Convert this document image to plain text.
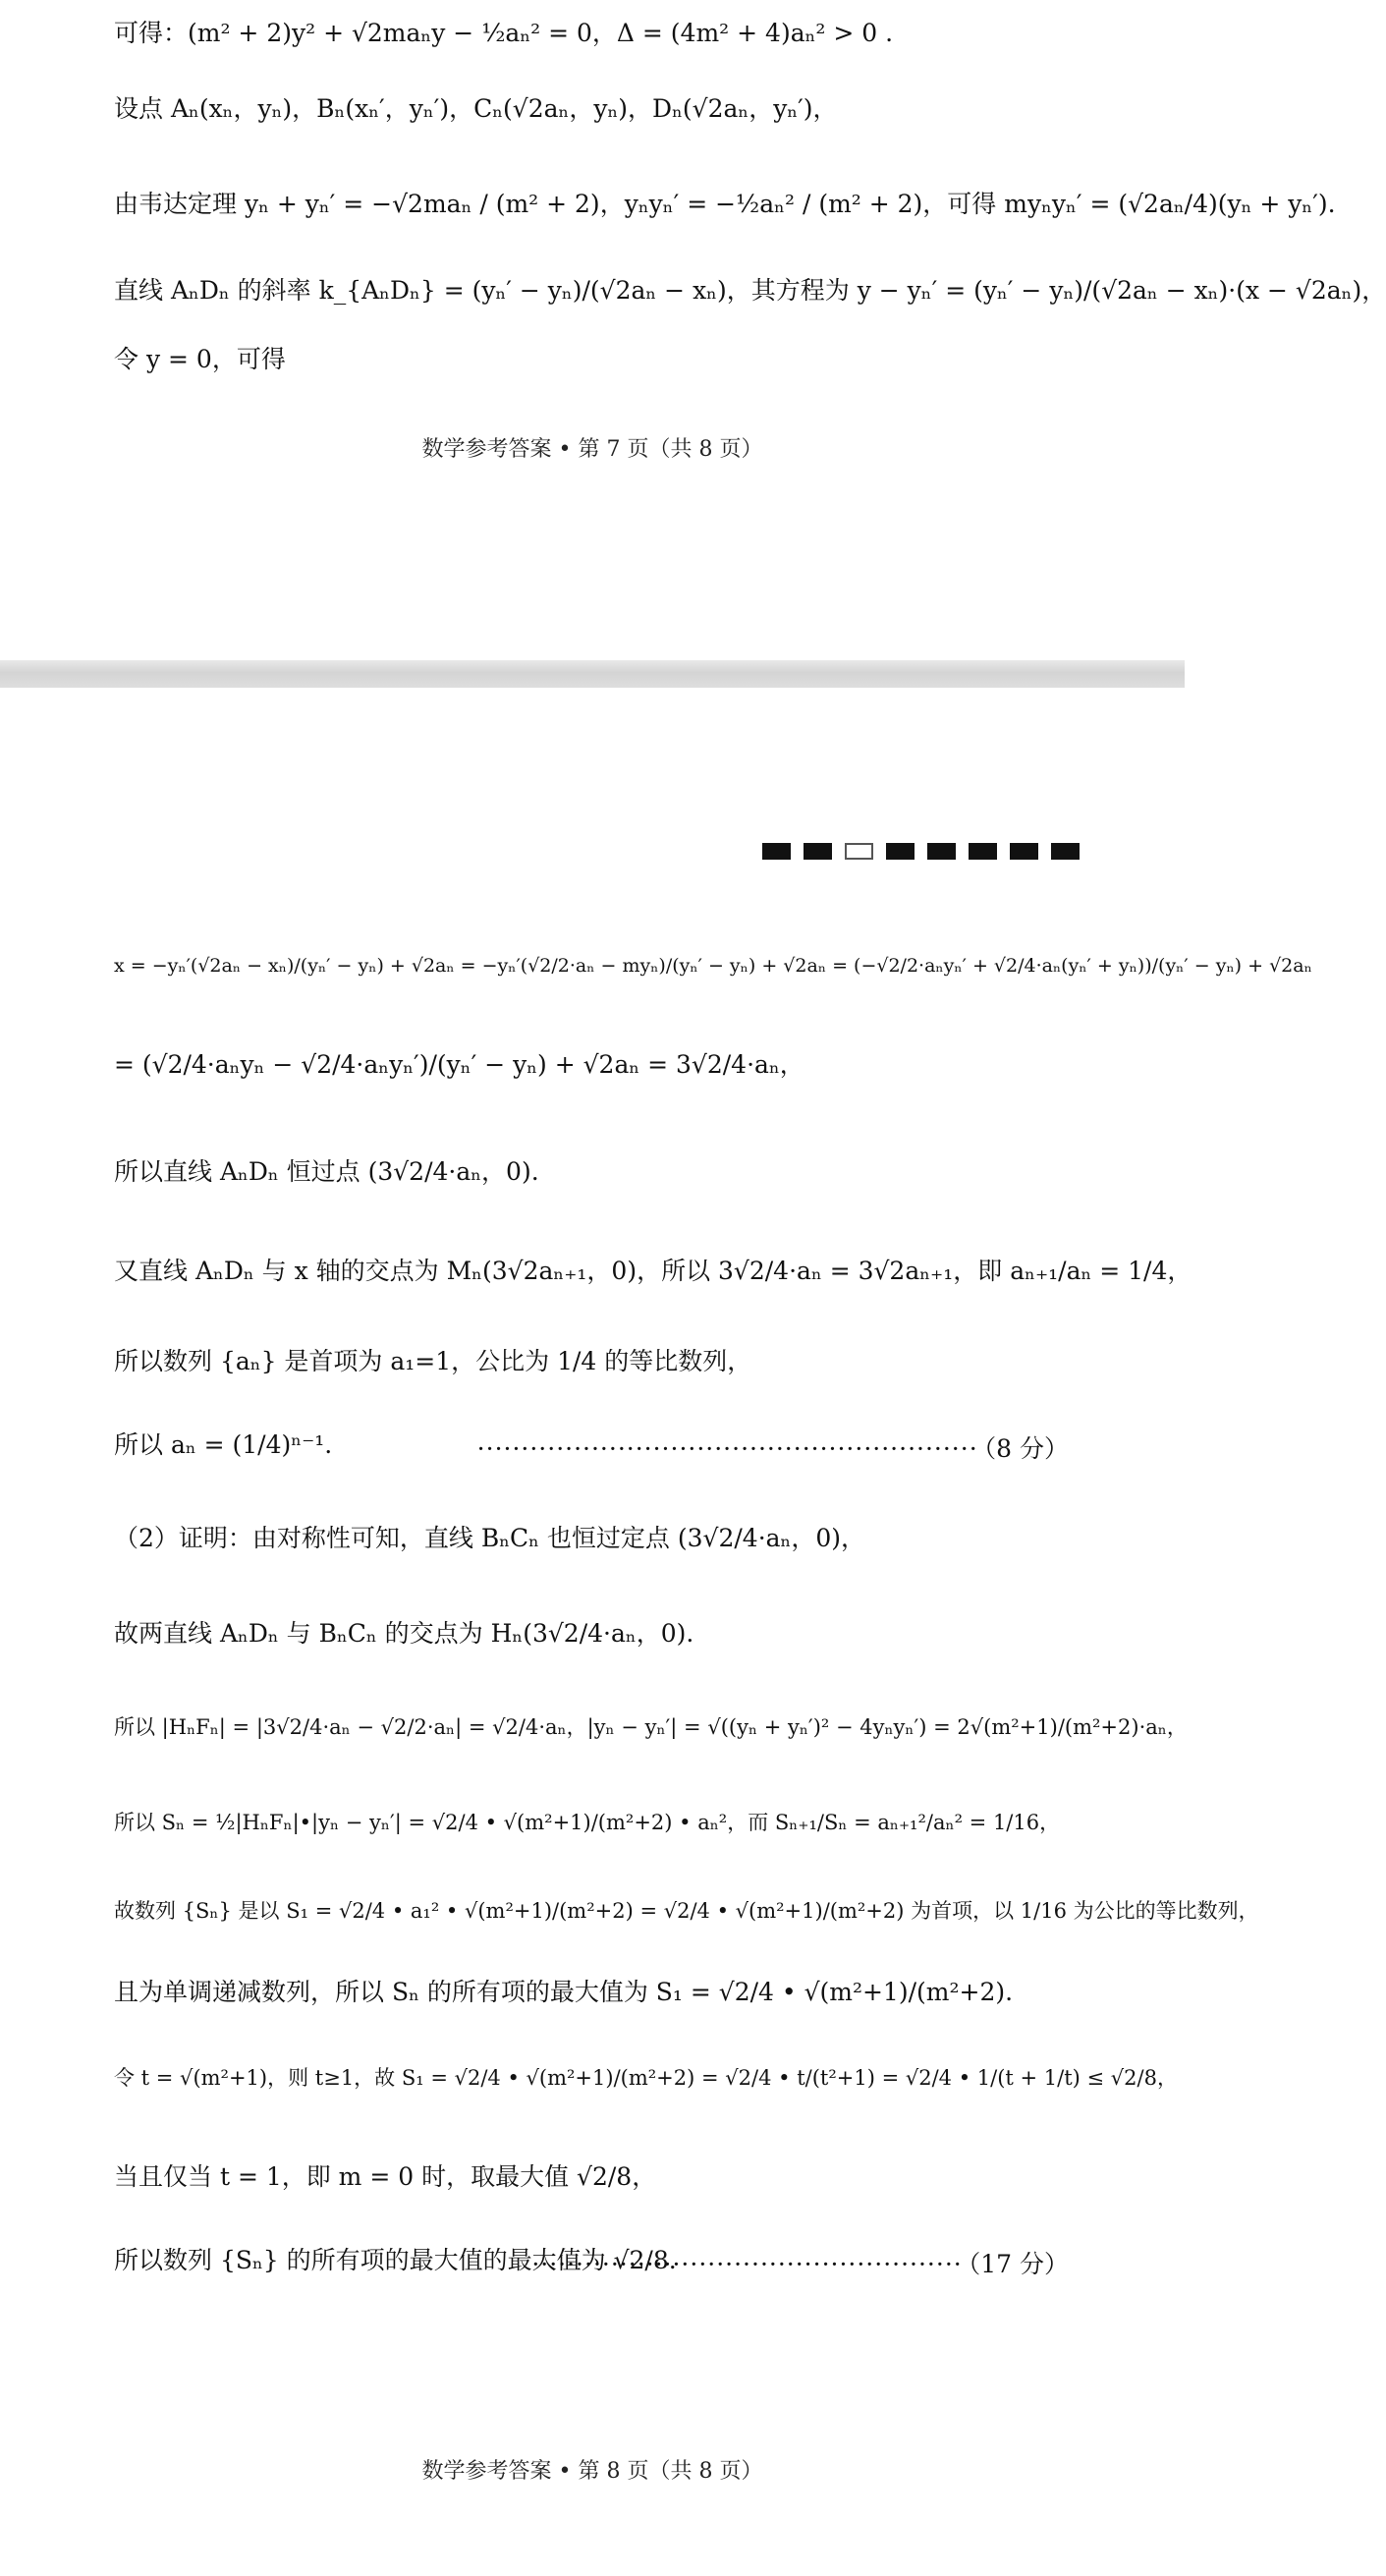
可得：(m² + 2)y² + √2maₙy − ½aₙ² = 0，Δ = (4m² + 4)aₙ² > 0 .
设点 Aₙ(xₙ，yₙ)，Bₙ(xₙ′，yₙ′)，Cₙ(√2aₙ，yₙ)，Dₙ(√2aₙ，yₙ′)，
由韦达定理 yₙ + yₙ′ = −√2maₙ / (m² + 2)，yₙyₙ′ = −½aₙ² / (m² + 2)，可得 myₙyₙ′ = (√2aₙ/4)(yₙ + yₙ′).
直线 AₙDₙ 的斜率 k_{AₙDₙ} = (yₙ′ − yₙ)/(√2aₙ − xₙ)，其方程为 y − yₙ′ = (yₙ′ − yₙ)/(√2aₙ − xₙ)·(x − √2aₙ)，
令 y = 0，可得
数学参考答案 • 第 7 页（共 8 页）
x = −yₙ′(√2aₙ − xₙ)/(yₙ′ − yₙ) + √2aₙ = −yₙ′(√2/2·aₙ − myₙ)/(yₙ′ − yₙ) + √2aₙ = (−√2/2·aₙyₙ′ + √2/4·aₙ(yₙ′ + yₙ))/(yₙ′ − yₙ) + √2aₙ
= (√2/4·aₙyₙ − √2/4·aₙyₙ′)/(yₙ′ − yₙ) + √2aₙ = 3√2/4·aₙ，
所以直线 AₙDₙ 恒过点 (3√2/4·aₙ，0).
又直线 AₙDₙ 与 x 轴的交点为 Mₙ(3√2aₙ₊₁，0)，所以 3√2/4·aₙ = 3√2aₙ₊₁，即 aₙ₊₁/aₙ = 1/4，
所以数列 {aₙ} 是首项为 a₁=1，公比为 1/4 的等比数列，
所以 aₙ = (1/4)ⁿ⁻¹.	························································· （8 分）
（2）证明：由对称性可知，直线 BₙCₙ 也恒过定点 (3√2/4·aₙ，0)，
故两直线 AₙDₙ 与 BₙCₙ 的交点为 Hₙ(3√2/4·aₙ，0).
所以 |HₙFₙ| = |3√2/4·aₙ − √2/2·aₙ| = √2/4·aₙ，|yₙ − yₙ′| = √((yₙ + yₙ′)² − 4yₙyₙ′) = 2√(m²+1)/(m²+2)·aₙ，
所以 Sₙ = ½|HₙFₙ|•|yₙ − yₙ′| = √2/4 • √(m²+1)/(m²+2) • aₙ²，而 Sₙ₊₁/Sₙ = aₙ₊₁²/aₙ² = 1/16，
故数列 {Sₙ} 是以 S₁ = √2/4 • a₁² • √(m²+1)/(m²+2) = √2/4 • √(m²+1)/(m²+2) 为首项，以 1/16 为公比的等比数列，
且为单调递减数列，所以 Sₙ 的所有项的最大值为 S₁ = √2/4 • √(m²+1)/(m²+2).
令 t = √(m²+1)，则 t≥1，故 S₁ = √2/4 • √(m²+1)/(m²+2) = √2/4 • t/(t²+1) = √2/4 • 1/(t + 1/t) ≤ √2/8，
当且仅当 t = 1，即 m = 0 时，取最大值 √2/8，
所以数列 {Sₙ} 的所有项的最大值的最大值为 √2/8.
················································· （17 分）
数学参考答案 • 第 8 页（共 8 页）
